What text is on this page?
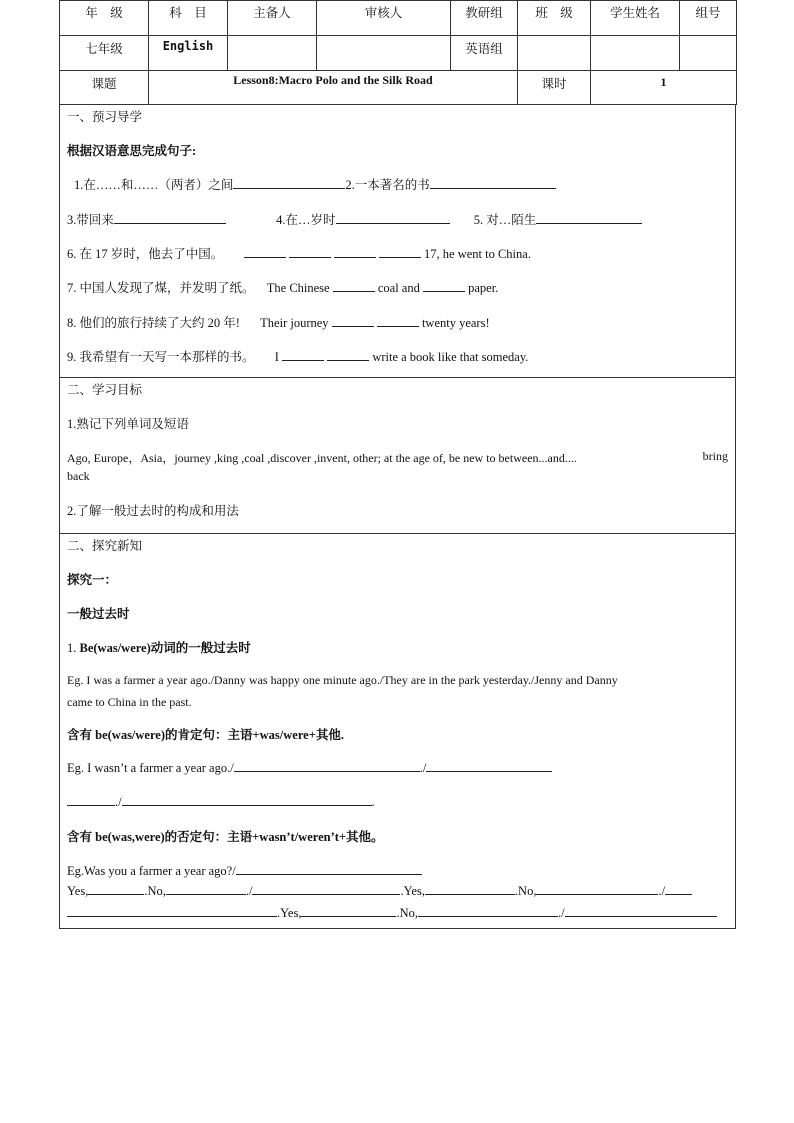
年　级	科　目	主备人	审核人	教研组	班　级	学生姓名	组号
七年级	English			英语组			
课题	Lesson8:Macro Polo and the Silk Road				课时	1	
一、预习导学
根据汉语意思完成句子:
1.在……和……（两者）之间	2.一本著名的书
3.带回来	4.在…岁时	5. 对…陌生
6. 在 17 岁时，他去了中国。	17, he went to China.
7. 中国人发现了煤，并发明了纸。 The Chinese	coal and	paper.
8. 他们的旅行持续了大约 20 年! Their journey	twenty years!
9. 我希望有一天写一本那样的书。 I	write a book like that someday.
二、学习目标
1.熟记下列单词及短语
Ago, Europe，Asia，journey ,king ,coal ,discover ,invent, other; at the age of, be new to between...and....	bring
back
2.了解一般过去时的构成和用法
二、探究新知
探究一：
一般过去时
1. Be(was/were)动词的一般过去时
Eg. I was a farmer a year ago./Danny was happy one minute ago./They are in the park yesterday./Jenny and Danny
came to China in the past.
含有 be(was/were)的肯定句：主语+was/were+其他.
Eg. I wasn’t a farmer a year ago./	./
./	.
含有 be(was,were)的否定句：主语+wasn’t/weren’t+其他。
Eg.Was you a farmer a year ago?/
Yes,	.No,	./	.Yes,	.No,	./
.Yes,	.No,	./
